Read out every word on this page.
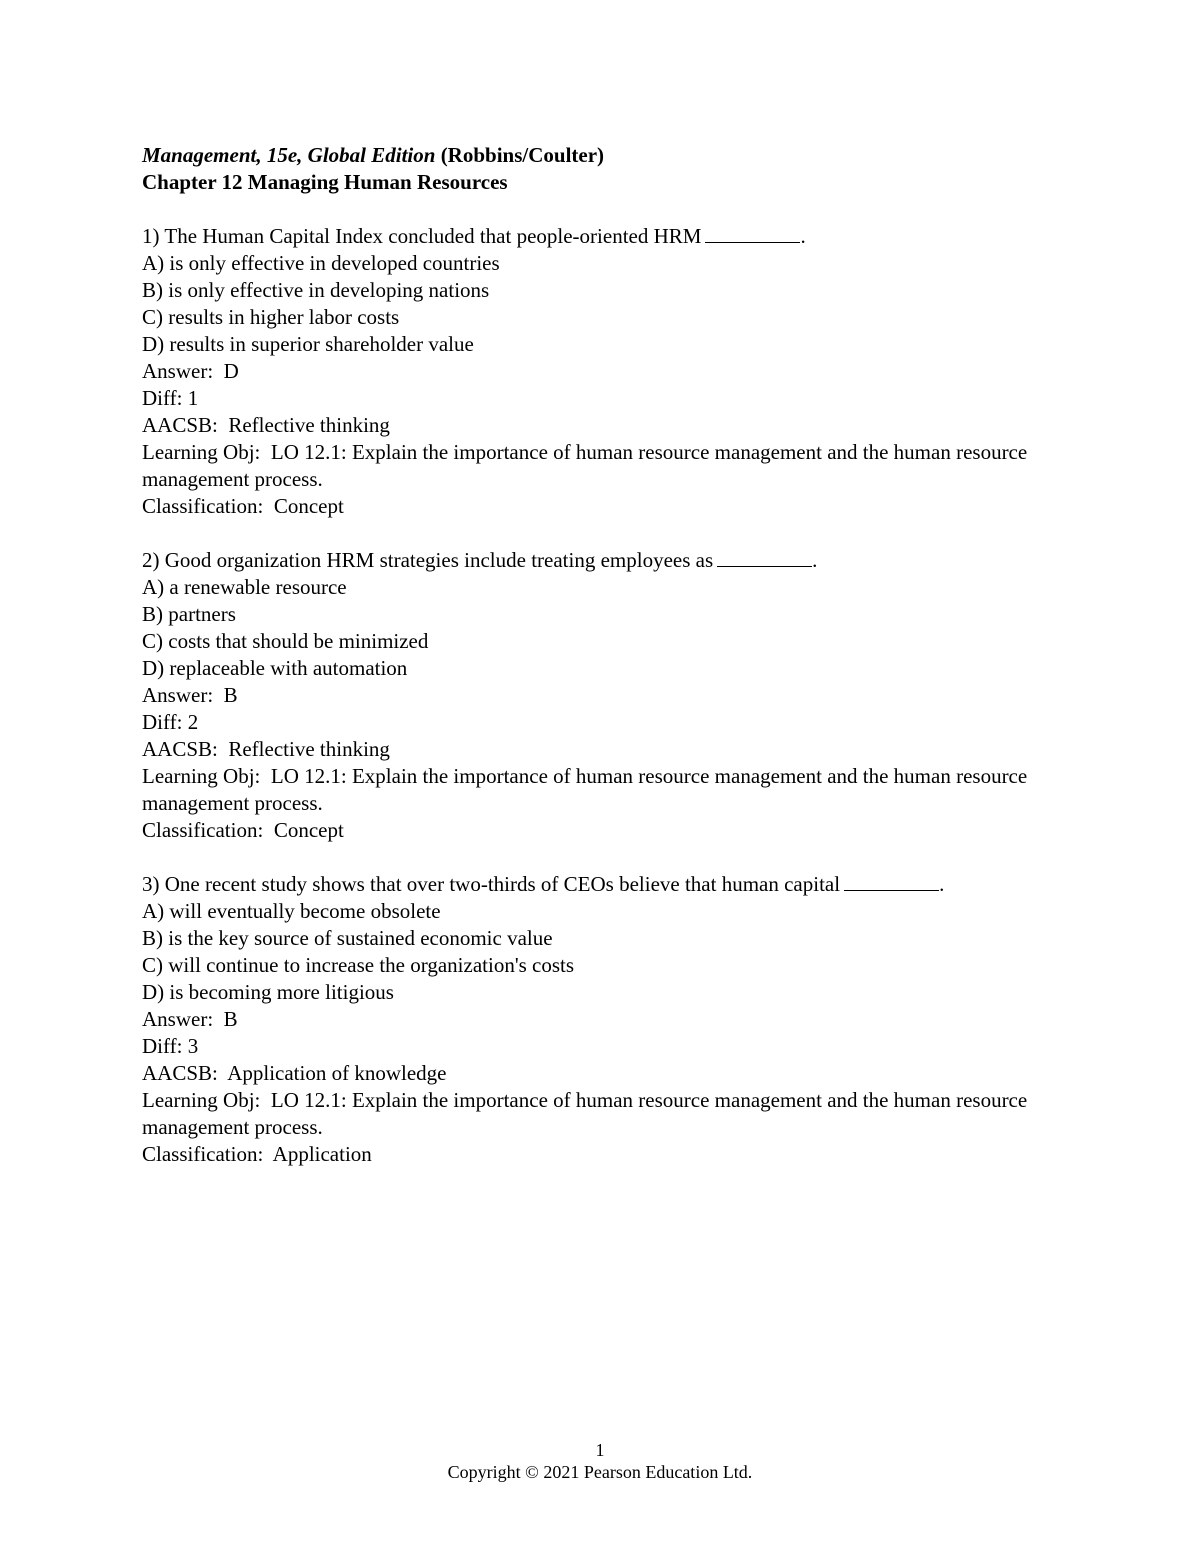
Management, 15e, Global Edition (Robbins/Coulter)
Chapter 12 Managing Human Resources
1) The Human Capital Index concluded that people-oriented HRM	.
A) is only effective in developed countries
B) is only effective in developing nations
C) results in higher labor costs
D) results in superior shareholder value
Answer:  D
Diff: 1
AACSB:  Reflective thinking
Learning Obj:  LO 12.1: Explain the importance of human resource management and the human resource management process.
Classification:  Concept
2) Good organization HRM strategies include treating employees as	.
A) a renewable resource
B) partners
C) costs that should be minimized
D) replaceable with automation
Answer:  B
Diff: 2
AACSB:  Reflective thinking
Learning Obj:  LO 12.1: Explain the importance of human resource management and the human resource management process.
Classification:  Concept
3) One recent study shows that over two-thirds of CEOs believe that human capital	.
A) will eventually become obsolete
B) is the key source of sustained economic value
C) will continue to increase the organization's costs
D) is becoming more litigious
Answer:  B
Diff: 3
AACSB:  Application of knowledge
Learning Obj:  LO 12.1: Explain the importance of human resource management and the human resource management process.
Classification:  Application
1
Copyright © 2021 Pearson Education Ltd.
